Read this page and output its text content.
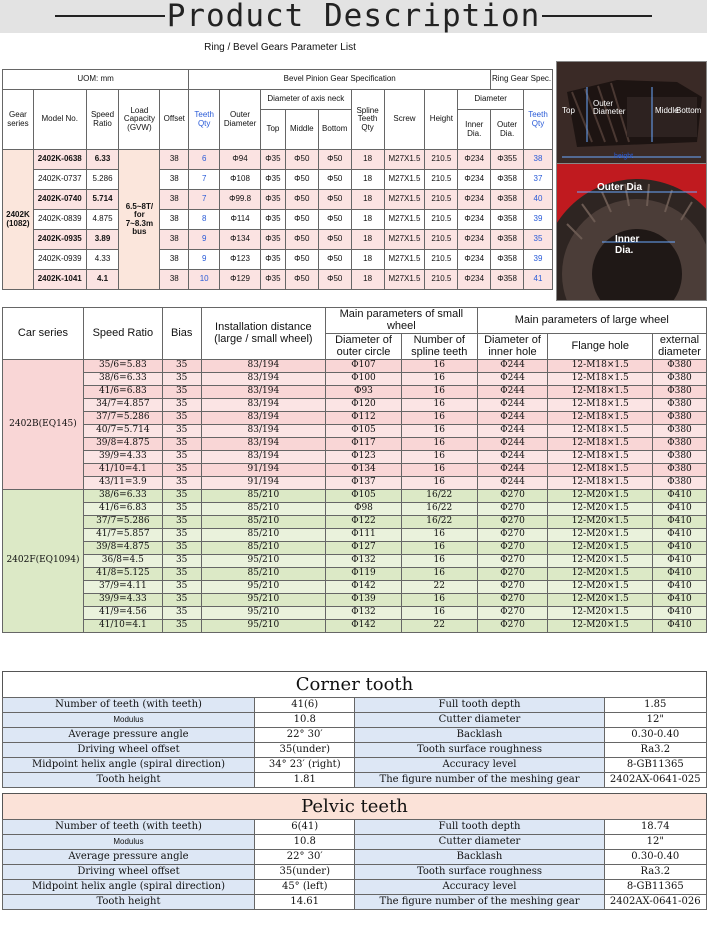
Product Description
Ring / Bevel Gears Parameter List
UOM: mm					Bevel Pinion Gear Specification									Ring Gear Spec.	
Gear series	Model No.	Speed Ratio	Load Capacity (GVW)	Offset	Teeth Qty	Outer Diameter	Diameter of axis neck			Spline Teeth Qty	Screw	Height	Diameter		Teeth Qty
							Top	Middle	Bottom				Inner Dia.	Outer Dia.	
2402K (1082)	2402K-0638	6.33	6.5~8T/ for 7~8.3m bus	38	6	Φ94	Φ35	Φ50	Φ50	18	M27X1.5	210.5	Φ234	Φ355	38
	2402K-0737	5.286		38	7	Φ108	Φ35	Φ50	Φ50	18	M27X1.5	210.5	Φ234	Φ358	37
	2402K-0740	5.714		38	7	Φ99.8	Φ35	Φ50	Φ50	18	M27X1.5	210.5	Φ234	Φ358	40
	2402K-0839	4.875		38	8	Φ114	Φ35	Φ50	Φ50	18	M27X1.5	210.5	Φ234	Φ358	39
	2402K-0935	3.89		38	9	Φ134	Φ35	Φ50	Φ50	18	M27X1.5	210.5	Φ234	Φ358	35
	2402K-0939	4.33		38	9	Φ123	Φ35	Φ50	Φ50	18	M27X1.5	210.5	Φ234	Φ358	39
	2402K-1041	4.1		38	10	Φ129	Φ35	Φ50	Φ50	18	M27X1.5	210.5	Φ234	Φ358	41
Top
Outer Diameter	Middle
Bottom
Outer Dia
Inner Dia.
height
Car series	Speed Ratio	Bias	Installation distance (large / small wheel)	Main parameters of small wheel		Main parameters of large wheel		
				Diameter of outer circle	Number of spline teeth	Diameter of inner hole	Flange hole	external diameter
2402B(EQ145)	35/6=5.83	35	83/194	Φ107	16	Φ244	12-M18×1.5	Φ380
	38/6=6.33	35	83/194	Φ100	16	Φ244	12-M18×1.5	Φ380
	41/6=6.83	35	83/194	Φ93	16	Φ244	12-M18×1.5	Φ380
	34/7=4.857	35	83/194	Φ120	16	Φ244	12-M18×1.5	Φ380
	37/7=5.286	35	83/194	Φ112	16	Φ244	12-M18×1.5	Φ380
	40/7=5.714	35	83/194	Φ105	16	Φ244	12-M18×1.5	Φ380
	39/8=4.875	35	83/194	Φ117	16	Φ244	12-M18×1.5	Φ380
	39/9=4.33	35	83/194	Φ123	16	Φ244	12-M18×1.5	Φ380
	41/10=4.1	35	91/194	Φ134	16	Φ244	12-M18×1.5	Φ380
	43/11=3.9	35	91/194	Φ137	16	Φ244	12-M18×1.5	Φ380
2402F(EQ1094)	38/6=6.33	35	85/210	Φ105	16/22	Φ270	12-M20×1.5	Φ410
	41/6=6.83	35	85/210	Φ98	16/22	Φ270	12-M20×1.5	Φ410
	37/7=5.286	35	85/210	Φ122	16/22	Φ270	12-M20×1.5	Φ410
	41/7=5.857	35	85/210	Φ111	16	Φ270	12-M20×1.5	Φ410
	39/8=4.875	35	85/210	Φ127	16	Φ270	12-M20×1.5	Φ410
	36/8=4.5	35	95/210	Φ132	16	Φ270	12-M20×1.5	Φ410
	41/8=5.125	35	85/210	Φ119	16	Φ270	12-M20×1.5	Φ410
	37/9=4.11	35	95/210	Φ142	22	Φ270	12-M20×1.5	Φ410
	39/9=4.33	35	95/210	Φ139	16	Φ270	12-M20×1.5	Φ410
	41/9=4.56	35	95/210	Φ132	16	Φ270	12-M20×1.5	Φ410
	41/10=4.1	35	95/210	Φ142	22	Φ270	12-M20×1.5	Φ410
Corner tooth
Number of teeth (with teeth)	41(6)	Full tooth depth	1.85
Modulus	10.8	Cutter diameter	12"
Average pressure angle	22° 30′	Backlash	0.30-0.40
Driving wheel offset	35(under)	Tooth surface roughness	Ra3.2
Midpoint helix angle (spiral direction)	34° 23′ (right)	Accuracy level	8-GB11365
Tooth height	1.81	The figure number of the meshing gear	2402AX-0641-025
Pelvic teeth
Number of teeth (with teeth)	6(41)	Full tooth depth	18.74
Modulus	10.8	Cutter diameter	12"
Average pressure angle	22° 30′	Backlash	0.30-0.40
Driving wheel offset	35(under)	Tooth surface roughness	Ra3.2
Midpoint helix angle (spiral direction)	45° (left)	Accuracy level	8-GB11365
Tooth height	14.61	The figure number of the meshing gear	2402AX-0641-026
